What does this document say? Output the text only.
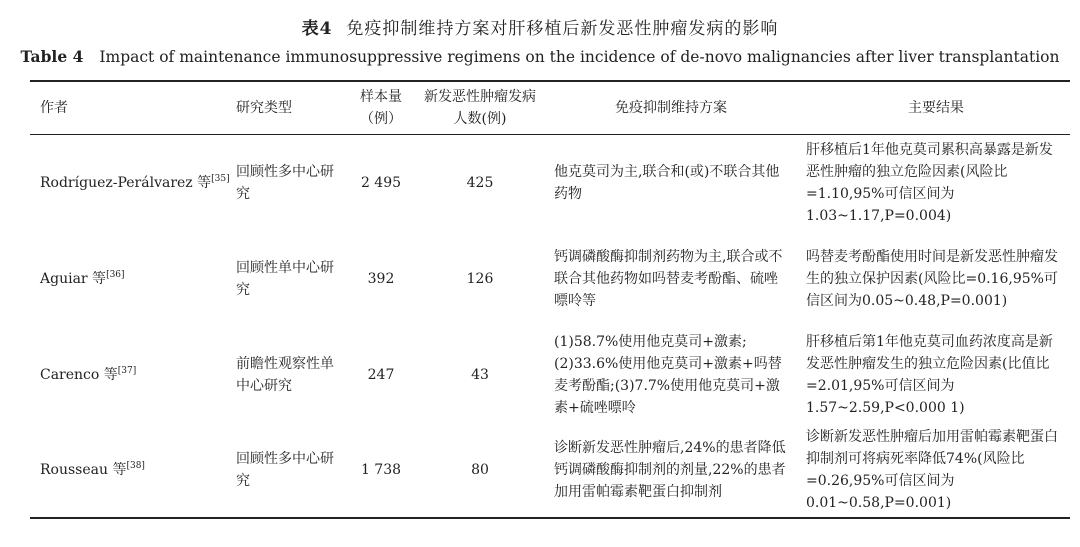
表4 免疫抑制维持方案对肝移植后新发恶性肿瘤发病的影响
Table 4 Impact of maintenance immunosuppressive regimens on the incidence of de-novo malignancies after liver transplantation
作者	研究类型	样本量（例）	新发恶性肿瘤发病人数(例)	免疫抑制维持方案	主要结果
Rodríguez-Perálvarez 等[35]	回顾性多中心研究	2 495	425	他克莫司为主,联合和(或)不联合其他药物	肝移植后1年他克莫司累积高暴露是新发恶性肿瘤的独立危险因素(风险比=1.10,95%可信区间为1.03~1.17,P=0.004)
Aguiar 等[36]	回顾性单中心研究	392	126	钙调磷酸酶抑制剂药物为主,联合或不联合其他药物如吗替麦考酚酯、硫唑嘌呤等	吗替麦考酚酯使用时间是新发恶性肿瘤发生的独立保护因素(风险比=0.16,95%可信区间为0.05~0.48,P=0.001)
Carenco 等[37]	前瞻性观察性单中心研究	247	43	(1)58.7%使用他克莫司+激素;(2)33.6%使用他克莫司+激素+吗替麦考酚酯;(3)7.7%使用他克莫司+激素+硫唑嘌呤	肝移植后第1年他克莫司血药浓度高是新发恶性肿瘤发生的独立危险因素(比值比=2.01,95%可信区间为1.57~2.59,P<0.000 1)
Rousseau 等[38]	回顾性多中心研究	1 738	80	诊断新发恶性肿瘤后,24%的患者降低钙调磷酸酶抑制剂的剂量,22%的患者加用雷帕霉素靶蛋白抑制剂	诊断新发恶性肿瘤后加用雷帕霉素靶蛋白抑制剂可将病死率降低74%(风险比=0.26,95%可信区间为0.01~0.58,P=0.001)
